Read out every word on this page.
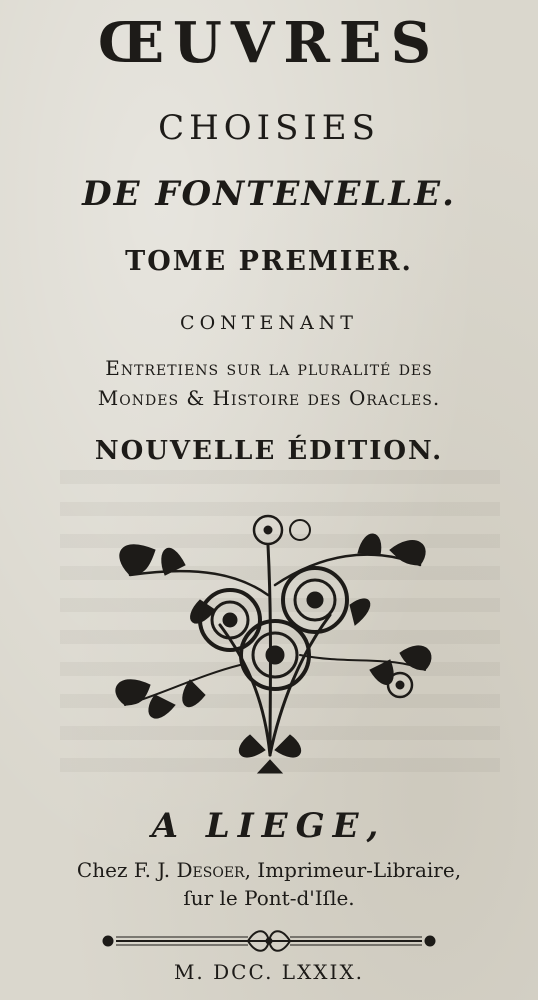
ŒUVRES
CHOISIES
DE FONTENELLE.
TOME PREMIER.
CONTENANT
Entretiens sur la pluralité des
Mondes & Histoire des Oracles.
NOUVELLE ÉDITION.
A LIEGE,
Chez F. J. Desoer, Imprimeur-Libraire,
ſur le Pont-d'Iſle.
M. DCC. LXXIX.
